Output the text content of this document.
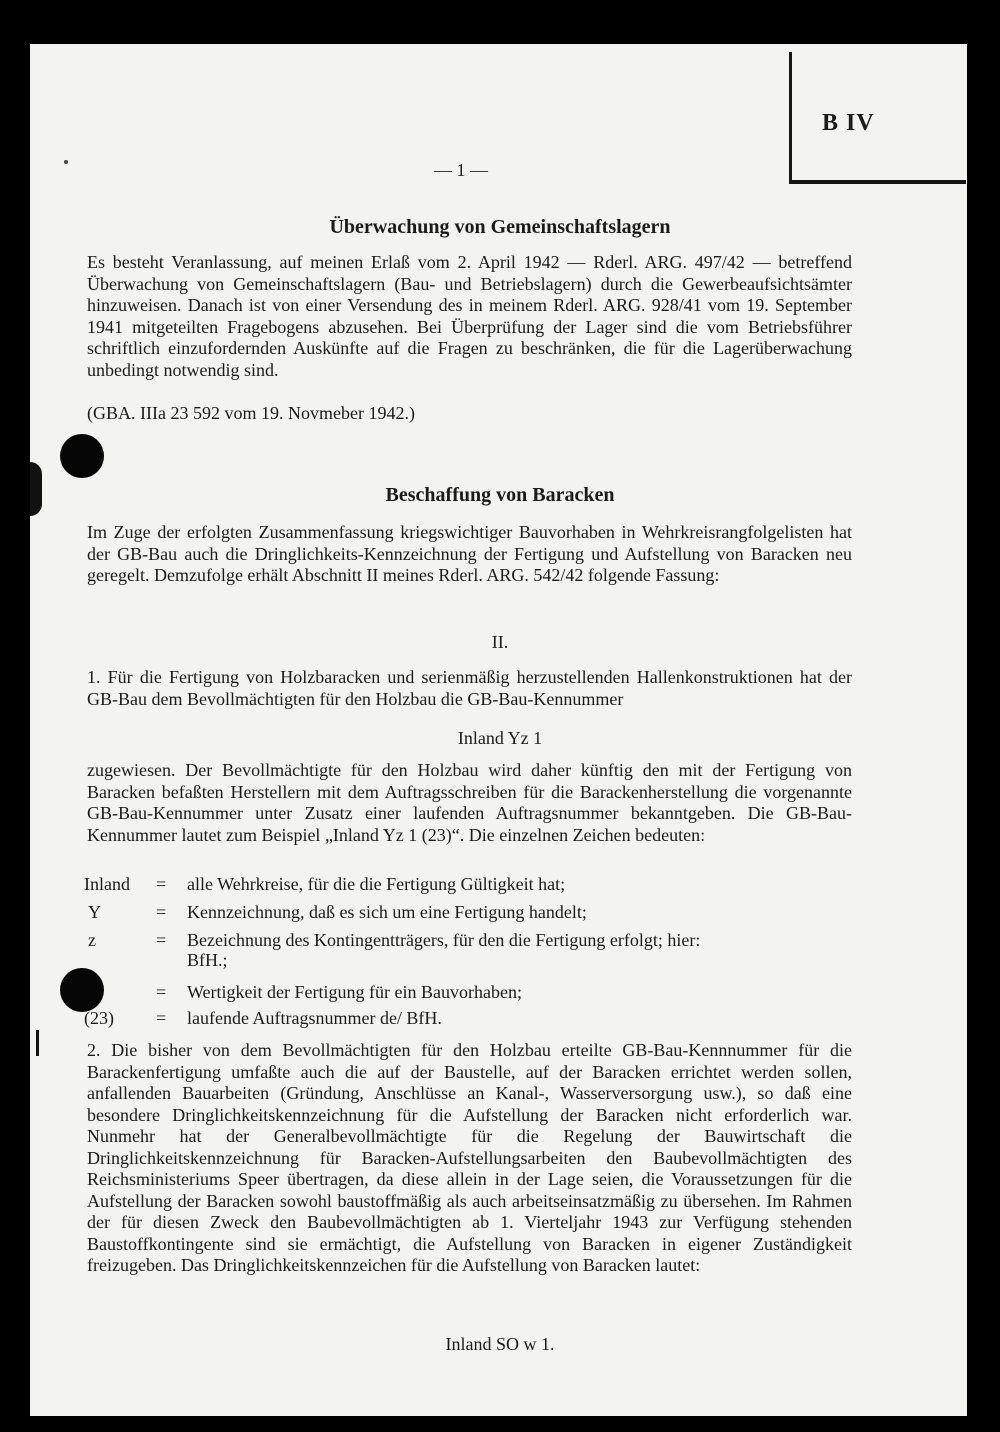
B IV
— 1 —
Überwachung von Gemeinschaftslagern

Es besteht Veranlassung, auf meinen Erlaß vom 2. April 1942 — Rderl. ARG. 497/42 — betreffend Überwachung von Gemeinschaftslagern (Bau- und Betriebslagern) durch die Gewerbeaufsichtsämter hinzuweisen. Danach ist von einer Versendung des in meinem Rderl. ARG. 928/41 vom 19. September 1941 mitgeteilten Fragebogens abzusehen. Bei Überprüfung der Lager sind die vom Betriebsführer schriftlich einzufordernden Auskünfte auf die Fragen zu beschränken, die für die Lagerüberwachung unbedingt notwendig sind.

(GBA. IIIa 23 592 vom 19. Novmeber 1942.)

Beschaffung von Baracken

Im Zuge der erfolgten Zusammenfassung kriegswichtiger Bauvorhaben in Wehrkreisrangfolgelisten hat der GB-Bau auch die Dringlichkeits-Kennzeichnung der Fertigung und Aufstellung von Baracken neu geregelt. Demzufolge erhält Abschnitt II meines Rderl. ARG. 542/42 folgende Fassung:

II.

1. Für die Fertigung von Holzbaracken und serienmäßig herzustellenden Hallenkonstruktionen hat der GB-Bau dem Bevollmächtigten für den Holzbau die GB-Bau-Kennummer

Inland Yz 1

zugewiesen. Der Bevollmächtigte für den Holzbau wird daher künftig den mit der Fertigung von Baracken befaßten Herstellern mit dem Auftragsschreiben für die Barackenherstellung die vorgenannte GB-Bau-Kennummer unter Zusatz einer laufenden Auftragsnummer bekanntgeben. Die GB-Bau-Kennummer lautet zum Beispiel „Inland Yz 1 (23)“. Die einzelnen Zeichen bedeuten:

Inland = alle Wehrkreise, für die die Fertigung Gültigkeit hat;
Y	= Kennzeichnung, daß es sich um eine Fertigung handelt;
z	= Bezeichnung des Kontingentträgers, für den die Fertigung erfolgt; hier:
BfH.;
= Wertigkeit der Fertigung für ein Bauvorhaben;
(23) = laufende Auftragsnummer de/ BfH.

2. Die bisher von dem Bevollmächtigten für den Holzbau erteilte GB-Bau-Kennnummer für die Barackenfertigung umfaßte auch die auf der Baustelle, auf der Baracken errichtet werden sollen, anfallenden Bauarbeiten (Gründung, Anschlüsse an Kanal-, Wasserversorgung usw.), so daß eine besondere Dringlichkeitskennzeichnung für die Aufstellung der Baracken nicht erforderlich war. Nunmehr hat der Generalbevollmächtigte für die Regelung der Bauwirtschaft die Dringlichkeitskennzeichnung für Baracken-Aufstellungsarbeiten den Baubevollmächtigten des Reichsministeriums Speer übertragen, da diese allein in der Lage seien, die Voraussetzungen für die Aufstellung der Baracken sowohl baustoffmäßig als auch arbeitseinsatzmäßig zu übersehen. Im Rahmen der für diesen Zweck den Baubevollmächtigten ab 1. Vierteljahr 1943 zur Verfügung stehenden Baustoffkontingente sind sie ermächtigt, die Aufstellung von Baracken in eigener Zuständigkeit freizugeben. Das Dringlichkeitskennzeichen für die Aufstellung von Baracken lautet:

Inland SO w 1.
